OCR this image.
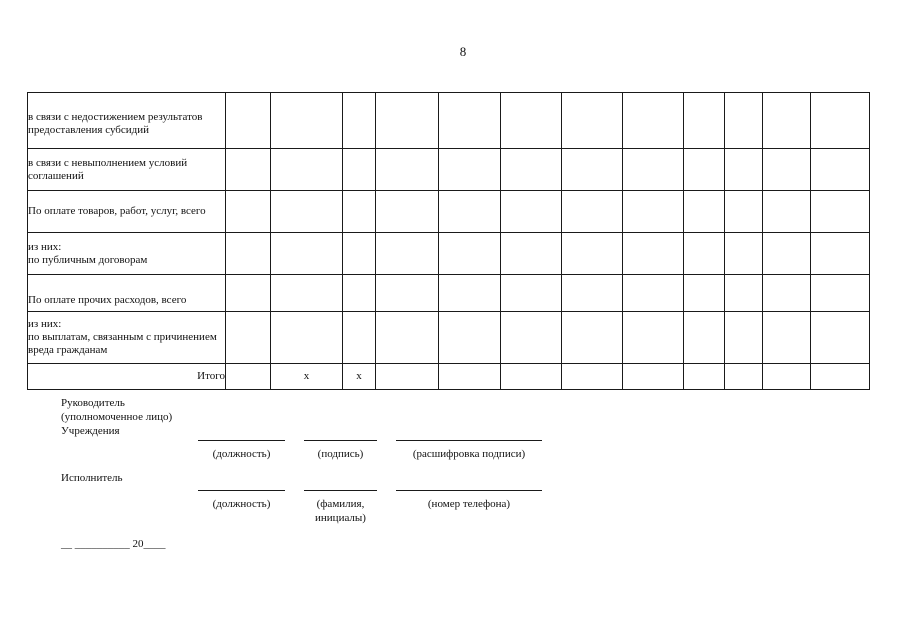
8
в связи с недостижением результатов предоставления субсидий												
в связи с невыполнением условий соглашений												
По оплате товаров, работ, услуг, всего												
из них:
по публичным договорам												
По оплате прочих расходов, всего												
из них:
по выплатам, связанным с причинением вреда гражданам												
Итого		x	x									
Руководитель
(уполномоченное лицо)
Учреждения
(должность)	(подпись)	(расшифровка подписи)
Исполнитель
(должность)	(фамилия,
инициалы)
(номер телефона)
__ __________ 20____
